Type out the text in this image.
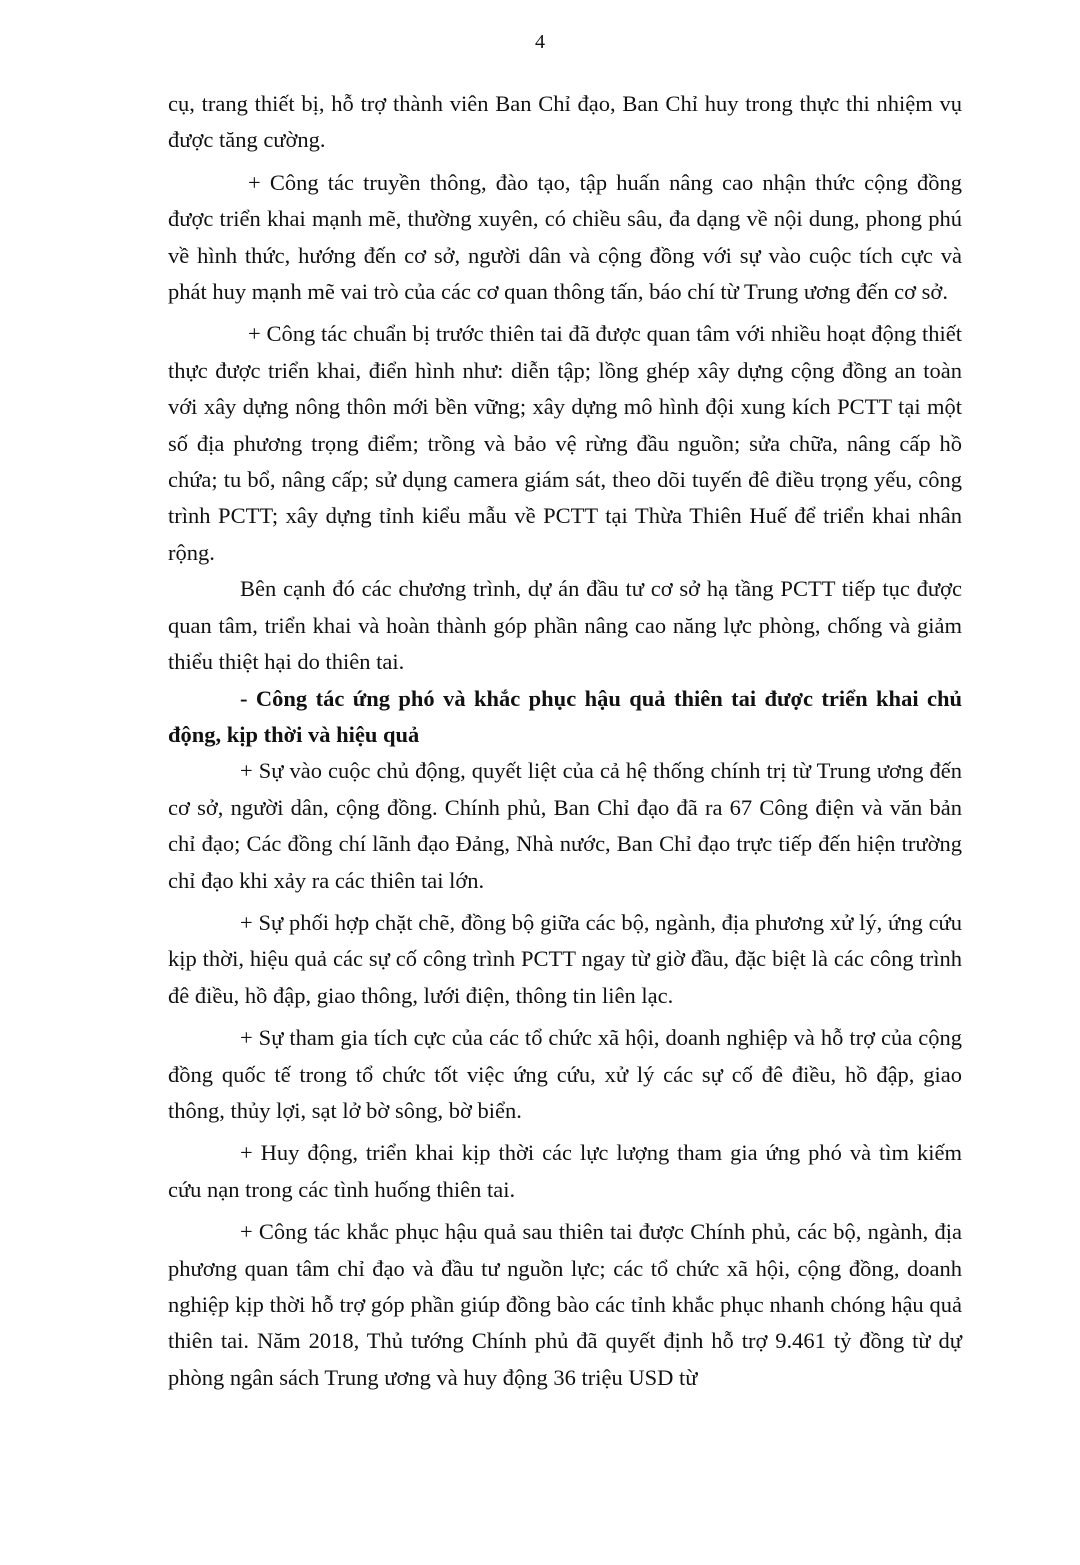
4

cụ, trang thiết bị, hỗ trợ thành viên Ban Chỉ đạo, Ban Chỉ huy trong thực thi nhiệm vụ được tăng cường.

+ Công tác truyền thông, đào tạo, tập huấn nâng cao nhận thức cộng đồng được triển khai mạnh mẽ, thường xuyên, có chiều sâu, đa dạng về nội dung, phong phú về hình thức, hướng đến cơ sở, người dân và cộng đồng với sự vào cuộc tích cực và phát huy mạnh mẽ vai trò của các cơ quan thông tấn, báo chí từ Trung ương đến cơ sở.

+ Công tác chuẩn bị trước thiên tai đã được quan tâm với nhiều hoạt động thiết thực được triển khai, điển hình như: diễn tập; lồng ghép xây dựng cộng đồng an toàn với xây dựng nông thôn mới bền vững; xây dựng mô hình đội xung kích PCTT tại một số địa phương trọng điểm; trồng và bảo vệ rừng đầu nguồn; sửa chữa, nâng cấp hồ chứa; tu bổ, nâng cấp; sử dụng camera giám sát, theo dõi tuyến đê điều trọng yếu, công trình PCTT; xây dựng tỉnh kiểu mẫu về PCTT tại Thừa Thiên Huế để triển khai nhân rộng.

Bên cạnh đó các chương trình, dự án đầu tư cơ sở hạ tầng PCTT tiếp tục được quan tâm, triển khai và hoàn thành góp phần nâng cao năng lực phòng, chống và giảm thiểu thiệt hại do thiên tai.

- Công tác ứng phó và khắc phục hậu quả thiên tai được triển khai chủ động, kịp thời và hiệu quả

+ Sự vào cuộc chủ động, quyết liệt của cả hệ thống chính trị từ Trung ương đến cơ sở, người dân, cộng đồng. Chính phủ, Ban Chỉ đạo đã ra 67 Công điện và văn bản chỉ đạo; Các đồng chí lãnh đạo Đảng, Nhà nước, Ban Chỉ đạo trực tiếp đến hiện trường chỉ đạo khi xảy ra các thiên tai lớn.

+ Sự phối hợp chặt chẽ, đồng bộ giữa các bộ, ngành, địa phương xử lý, ứng cứu kịp thời, hiệu quả các sự cố công trình PCTT ngay từ giờ đầu, đặc biệt là các công trình đê điều, hồ đập, giao thông, lưới điện, thông tin liên lạc.

+ Sự tham gia tích cực của các tổ chức xã hội, doanh nghiệp và hỗ trợ của cộng đồng quốc tế trong tổ chức tốt việc ứng cứu, xử lý các sự cố đê điều, hồ đập, giao thông, thủy lợi, sạt lở bờ sông, bờ biển.

+ Huy động, triển khai kịp thời các lực lượng tham gia ứng phó và tìm kiếm cứu nạn trong các tình huống thiên tai.

+ Công tác khắc phục hậu quả sau thiên tai được Chính phủ, các bộ, ngành, địa phương quan tâm chỉ đạo và đầu tư nguồn lực; các tổ chức xã hội, cộng đồng, doanh nghiệp kịp thời hỗ trợ góp phần giúp đồng bào các tỉnh khắc phục nhanh chóng hậu quả thiên tai. Năm 2018, Thủ tướng Chính phủ đã quyết định hỗ trợ 9.461 tỷ đồng từ dự phòng ngân sách Trung ương và huy động 36 triệu USD từ
